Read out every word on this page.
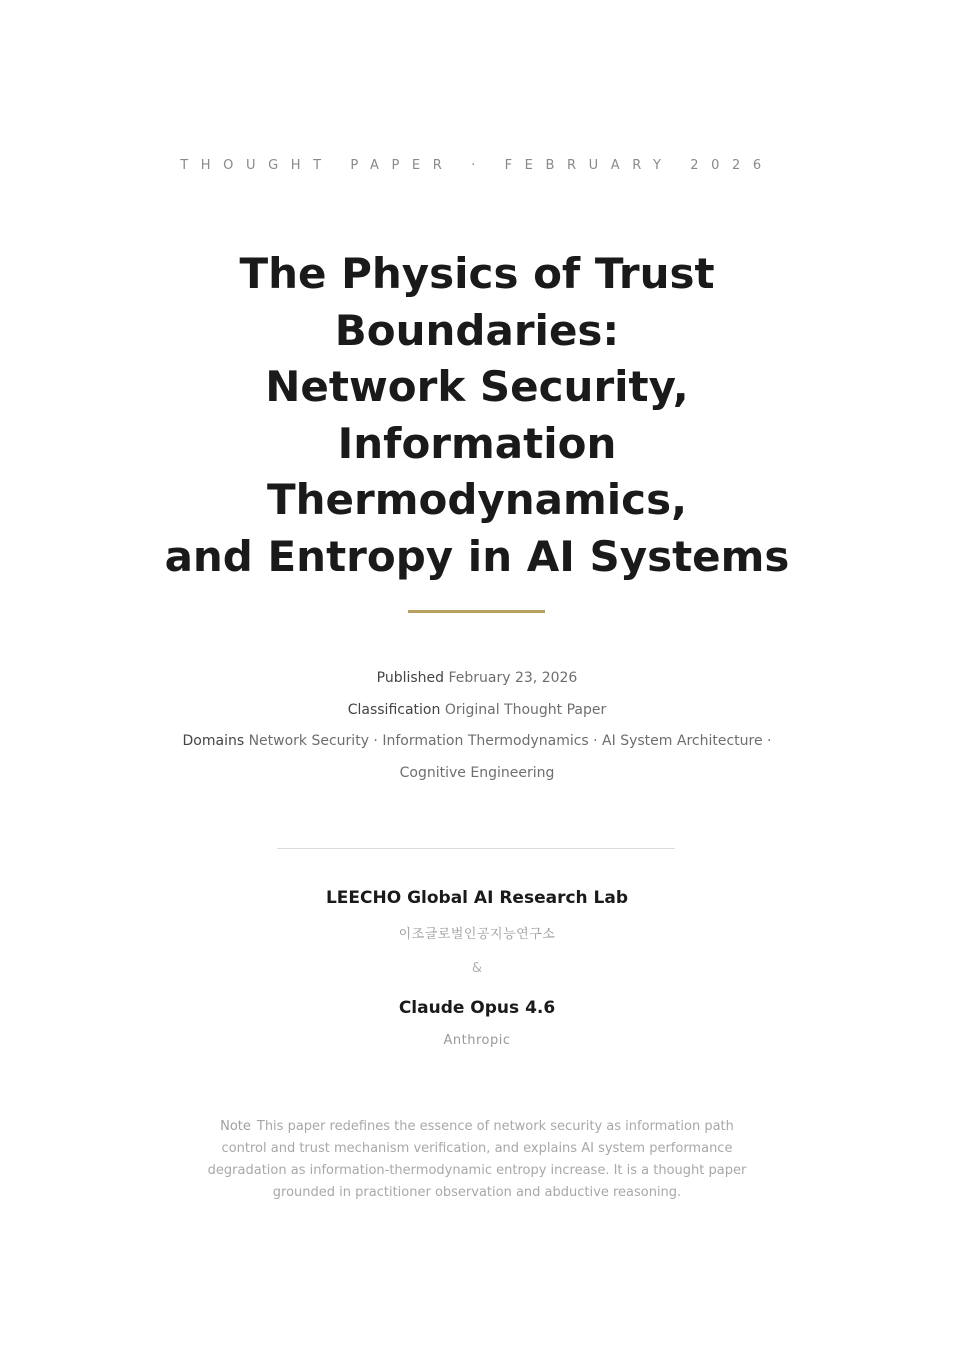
THOUGHT PAPER · FEBRUARY 2026
The Physics of Trust
Boundaries:
Network Security,
Information
Thermodynamics,
and Entropy in AI Systems
Published February 23, 2026
Classification Original Thought Paper
Domains Network Security · Information Thermodynamics · AI System Architecture ·
Cognitive Engineering
LEECHO Global AI Research Lab
이조글로벌인공지능연구소
&
Claude Opus 4.6
Anthropic
Note This paper redefines the essence of network security as information path control and trust mechanism verification, and explains AI system performance degradation as information-thermodynamic entropy increase. It is a thought paper grounded in practitioner observation and abductive reasoning.
